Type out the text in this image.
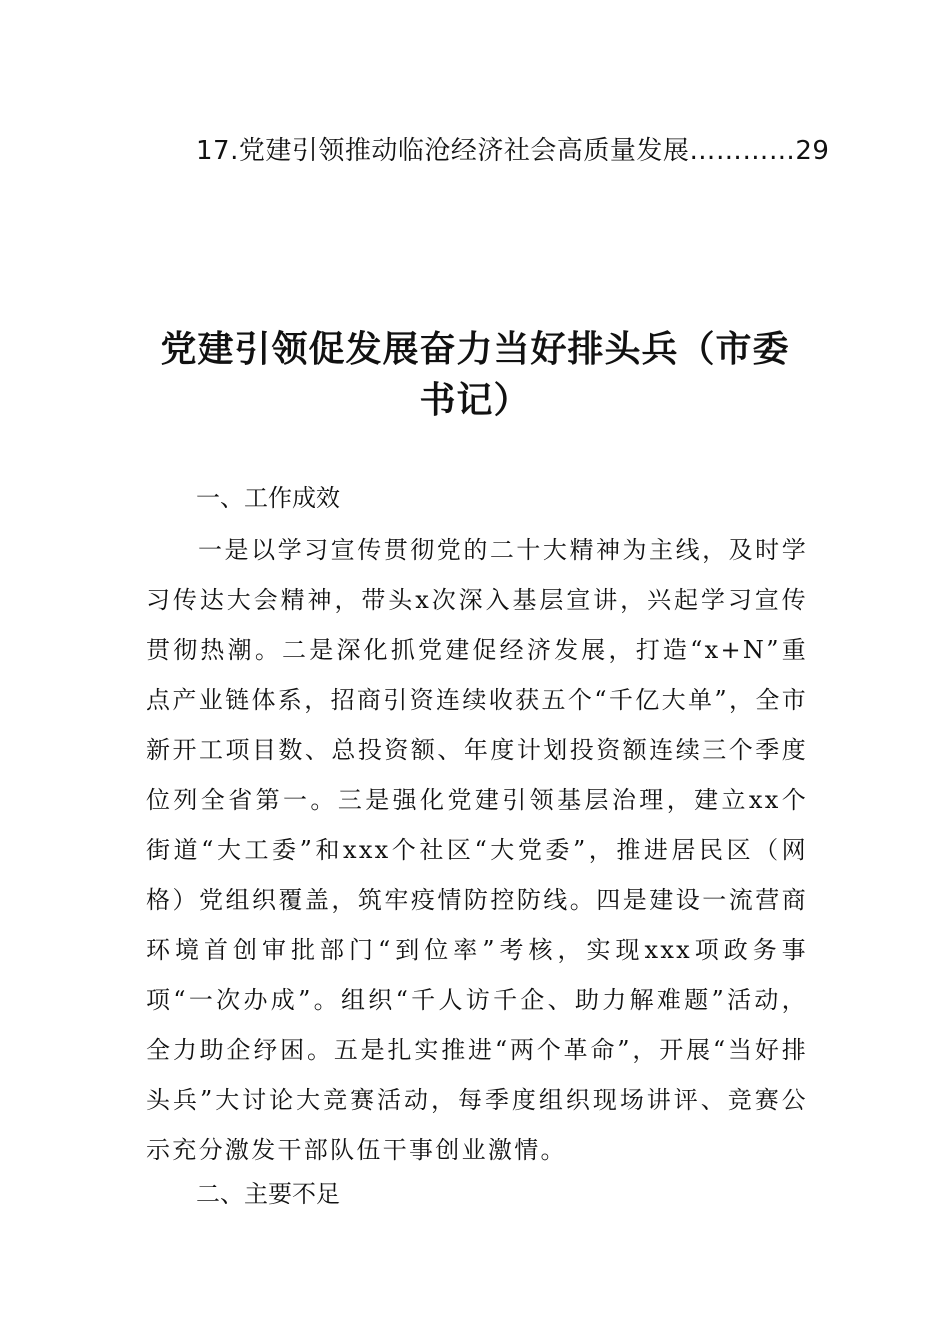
17.党建引领推动临沧经济社会高质量发展…………29
党建引领促发展奋力当好排头兵（市委书记）
一、工作成效

一是以学习宣传贯彻党的二十大精神为主线，及时学习传达大会精神，带头x次深入基层宣讲，兴起学习宣传贯彻热潮。二是深化抓党建促经济发展，打造“x+N”重点产业链体系，招商引资连续收获五个“千亿大单”，全市新开工项目数、总投资额、年度计划投资额连续三个季度位列全省第一。三是强化党建引领基层治理，建立xx个街道“大工委”和xxx个社区“大党委”，推进居民区（网格）党组织覆盖，筑牢疫情防控防线。四是建设一流营商环境首创审批部门“到位率”考核，实现xxx项政务事项“一次办成”。组织“千人访千企、助力解难题”活动，全力助企纾困。五是扎实推进“两个革命”，开展“当好排头兵”大讨论大竞赛活动，每季度组织现场讲评、竞赛公示充分激发干部队伍干事创业激情。

二、主要不足
